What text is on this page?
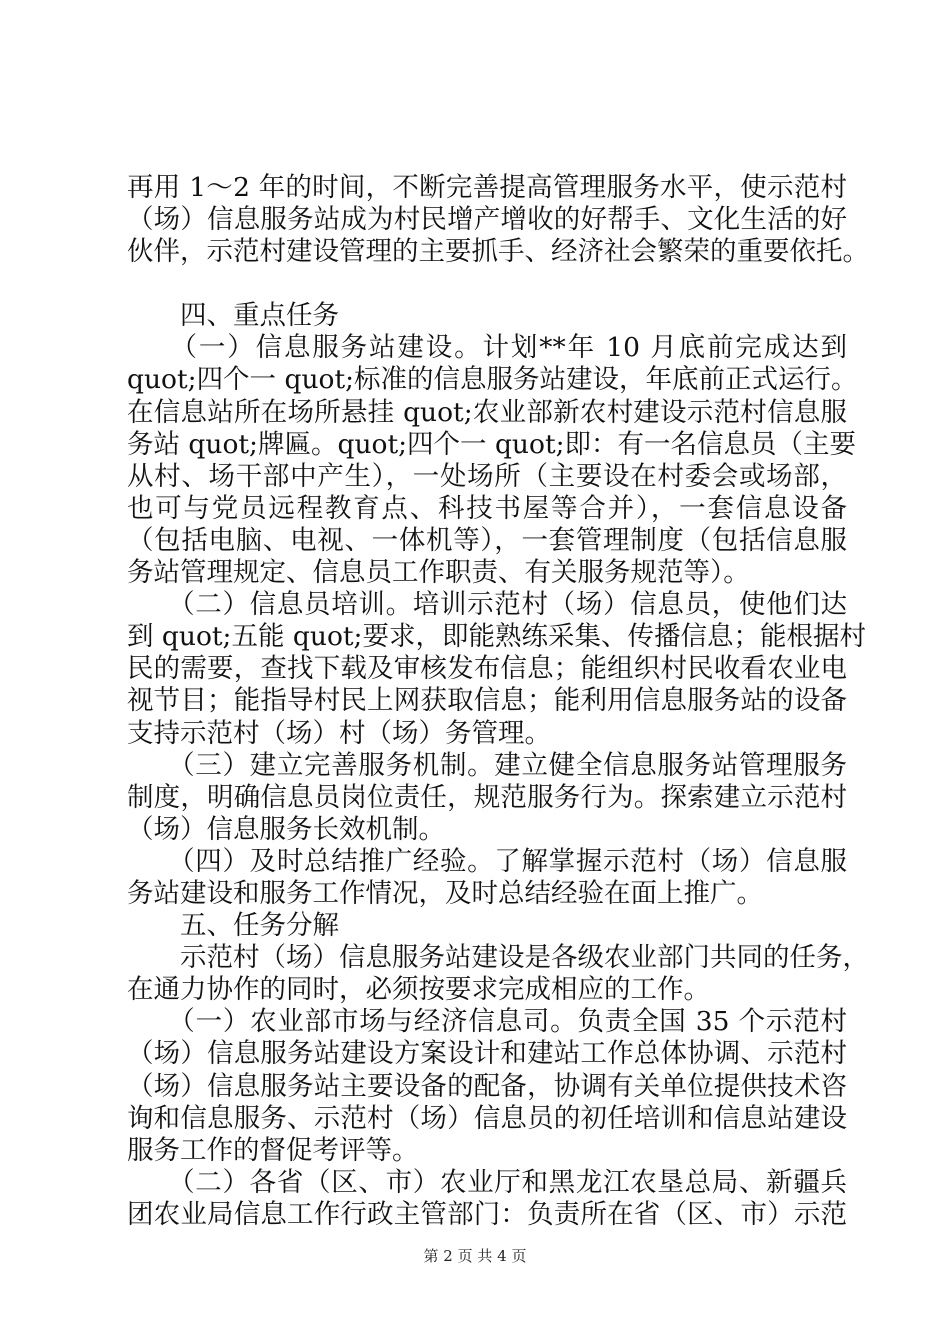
再用 1～2 年的时间，不断完善提高管理服务水平，使示范村
（场）信息服务站成为村民增产增收的好帮手、文化生活的好
伙伴，示范村建设管理的主要抓手、经济社会繁荣的重要依托。
　　四、重点任务
　　（一）信息服务站建设。计划**年 10 月底前完成达到
quot;四个一 quot;标准的信息服务站建设，年底前正式运行。
在信息站所在场所悬挂 quot;农业部新农村建设示范村信息服
务站 quot;牌匾。quot;四个一 quot;即：有一名信息员（主要
从村、场干部中产生），一处场所（主要设在村委会或场部，
也可与党员远程教育点、科技书屋等合并），一套信息设备
（包括电脑、电视、一体机等），一套管理制度（包括信息服
务站管理规定、信息员工作职责、有关服务规范等）。
　　（二）信息员培训。培训示范村（场）信息员，使他们达
到 quot;五能 quot;要求，即能熟练采集、传播信息；能根据村
民的需要，查找下载及审核发布信息；能组织村民收看农业电
视节目；能指导村民上网获取信息；能利用信息服务站的设备
支持示范村（场）村（场）务管理。
　　（三）建立完善服务机制。建立健全信息服务站管理服务
制度，明确信息员岗位责任，规范服务行为。探索建立示范村
（场）信息服务长效机制。
　　（四）及时总结推广经验。了解掌握示范村（场）信息服
务站建设和服务工作情况，及时总结经验在面上推广。
　　五、任务分解
　　示范村（场）信息服务站建设是各级农业部门共同的任务，
在通力协作的同时，必须按要求完成相应的工作。
　　（一）农业部市场与经济信息司。负责全国 35 个示范村
（场）信息服务站建设方案设计和建站工作总体协调、示范村
（场）信息服务站主要设备的配备，协调有关单位提供技术咨
询和信息服务、示范村（场）信息员的初任培训和信息站建设
服务工作的督促考评等。
　　（二）各省（区、市）农业厅和黑龙江农垦总局、新疆兵
团农业局信息工作行政主管部门：负责所在省（区、市）示范
第 2 页 共 4 页
